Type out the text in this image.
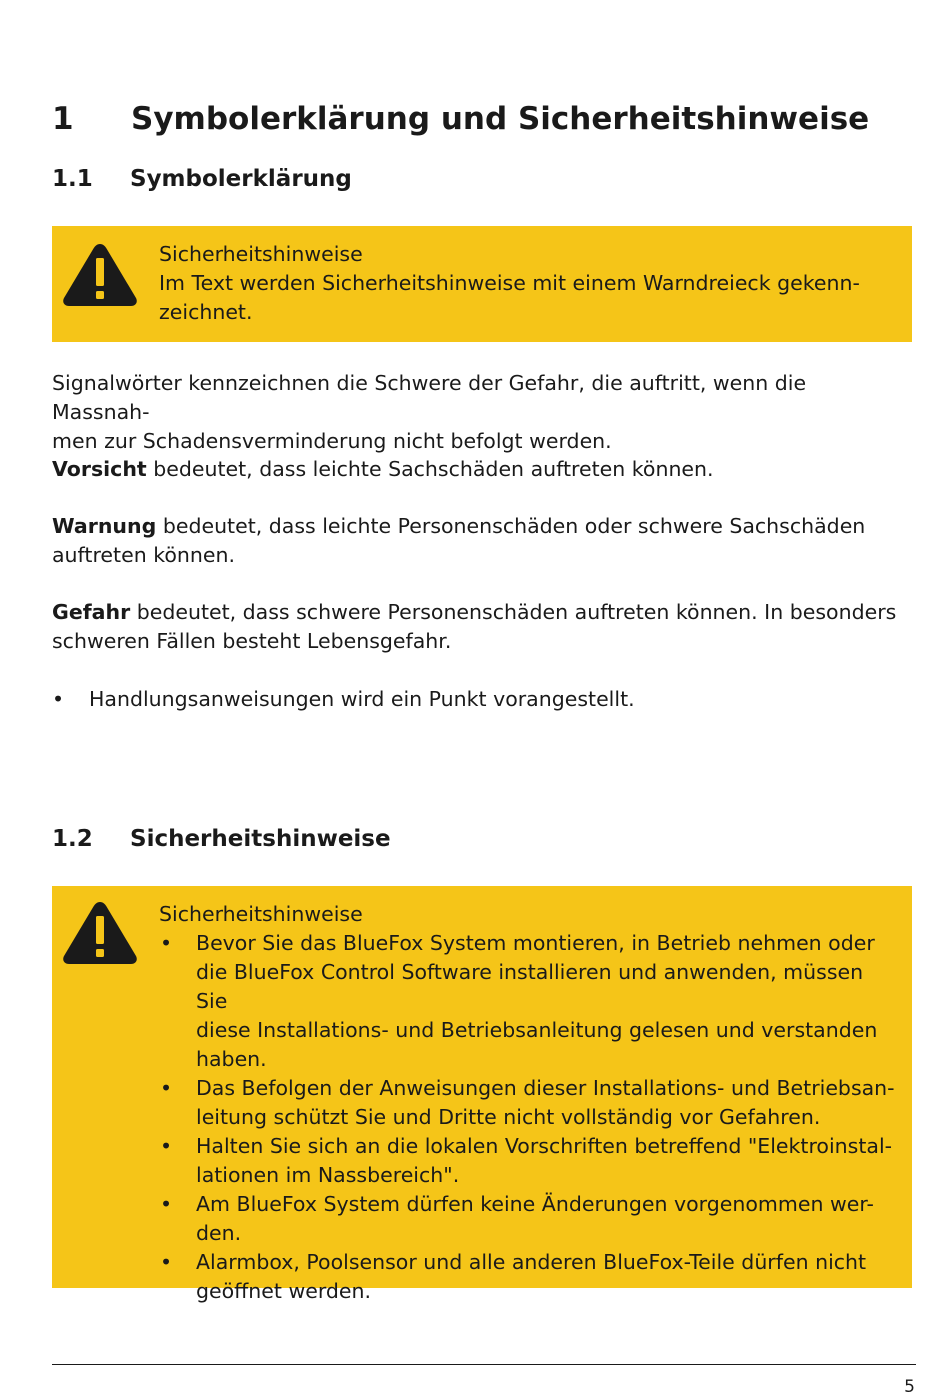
1 Symbolerklärung und Sicherheitshinweise
1.1 Symbolerklärung
Sicherheitshinweise
Im Text werden Sicherheitshinweise mit einem Warndreieck gekenn-
zeichnet.
Signalwörter kennzeichnen die Schwere der Gefahr, die auftritt, wenn die Massnah-
men zur Schadensverminderung nicht befolgt werden.
Vorsicht bedeutet, dass leichte Sachschäden auftreten können.
Warnung bedeutet, dass leichte Personenschäden oder schwere Sachschäden
auftreten können.
Gefahr bedeutet, dass schwere Personenschäden auftreten können. In besonders
schweren Fällen besteht Lebensgefahr.
• Handlungsanweisungen wird ein Punkt vorangestellt.
1.2 Sicherheitshinweise
Sicherheitshinweise
• Bevor Sie das BlueFox System montieren, in Betrieb nehmen oder
die BlueFox Control Software installieren und anwenden, müssen Sie
diese Installations- und Betriebsanleitung gelesen und verstanden
haben.
• Das Befolgen der Anweisungen dieser Installations- und Betriebsan-
leitung schützt Sie und Dritte nicht vollständig vor Gefahren.
• Halten Sie sich an die lokalen Vorschriften betreffend "Elektroinstal-
lationen im Nassbereich".
• Am BlueFox System dürfen keine Änderungen vorgenommen wer-
den.
• Alarmbox, Poolsensor und alle anderen BlueFox-Teile dürfen nicht
geöffnet werden.
5
